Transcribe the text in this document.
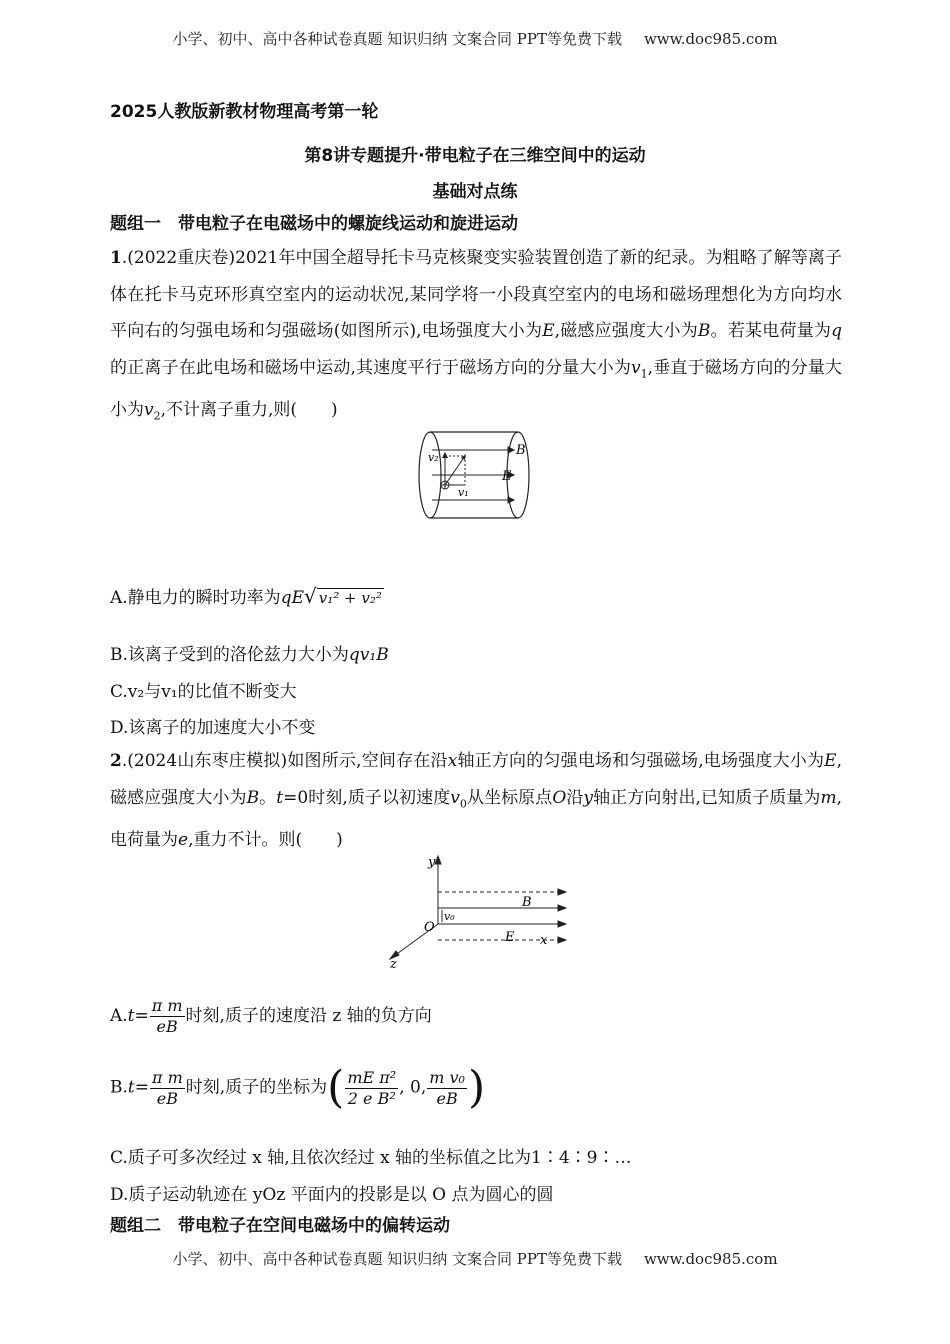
小学、初中、高中各种试卷真题 知识归纳 文案合同 PPT等免费下载 www.doc985.com
2025人教版新教材物理高考第一轮
第8讲专题提升·带电粒子在三维空间中的运动
基础对点练
题组一　带电粒子在电磁场中的螺旋线运动和旋进运动
1.(2022重庆卷)2021年中国全超导托卡马克核聚变实验装置创造了新的纪录。为粗略了解等离子体在托卡马克环形真空室内的运动状况,某同学将一小段真空室内的电场和磁场理想化为方向均水平向右的匀强电场和匀强磁场(如图所示),电场强度大小为E,磁感应强度大小为B。若某电荷量为q的正离子在此电场和磁场中运动,其速度平行于磁场方向的分量大小为$v_1$,垂直于磁场方向的分量大小为$v_2$,不计离子重力,则(　　)
v₂	B
E
v₁
A.静电力的瞬时功率为qE√ v₁² + v₂²
B.该离子受到的洛伦兹力大小为qv₁B
C.v₂与v₁的比值不断变大
D.该离子的加速度大小不变
2.(2024山东枣庄模拟)如图所示,空间存在沿x轴正方向的匀强电场和匀强磁场,电场强度大小为E,磁感应强度大小为B。t=0时刻,质子以初速度$v_0$从坐标原点O沿y轴正方向射出,已知质子质量为m,电荷量为e,重力不计。则(　　)
y
B
v₀
O
E x
z
$A.t= \frac{\text{π m}}{eB}$ 时刻,质子的速度沿 z 轴的负方向
$B.t= \frac{\text{π m}}{eB}$ 时刻,质子的坐标为( $\frac{\text{mE π²}}{\text{2 e B²}}$ , 0, $\frac{\text{m v₀}}{eB}$ )
C.质子可多次经过 x 轴,且依次经过 x 轴的坐标值之比为1∶4∶9∶…
D.质子运动轨迹在 yOz 平面内的投影是以 O 点为圆心的圆
题组二　带电粒子在空间电磁场中的偏转运动
小学、初中、高中各种试卷真题 知识归纳 文案合同 PPT等免费下载 www.doc985.com
